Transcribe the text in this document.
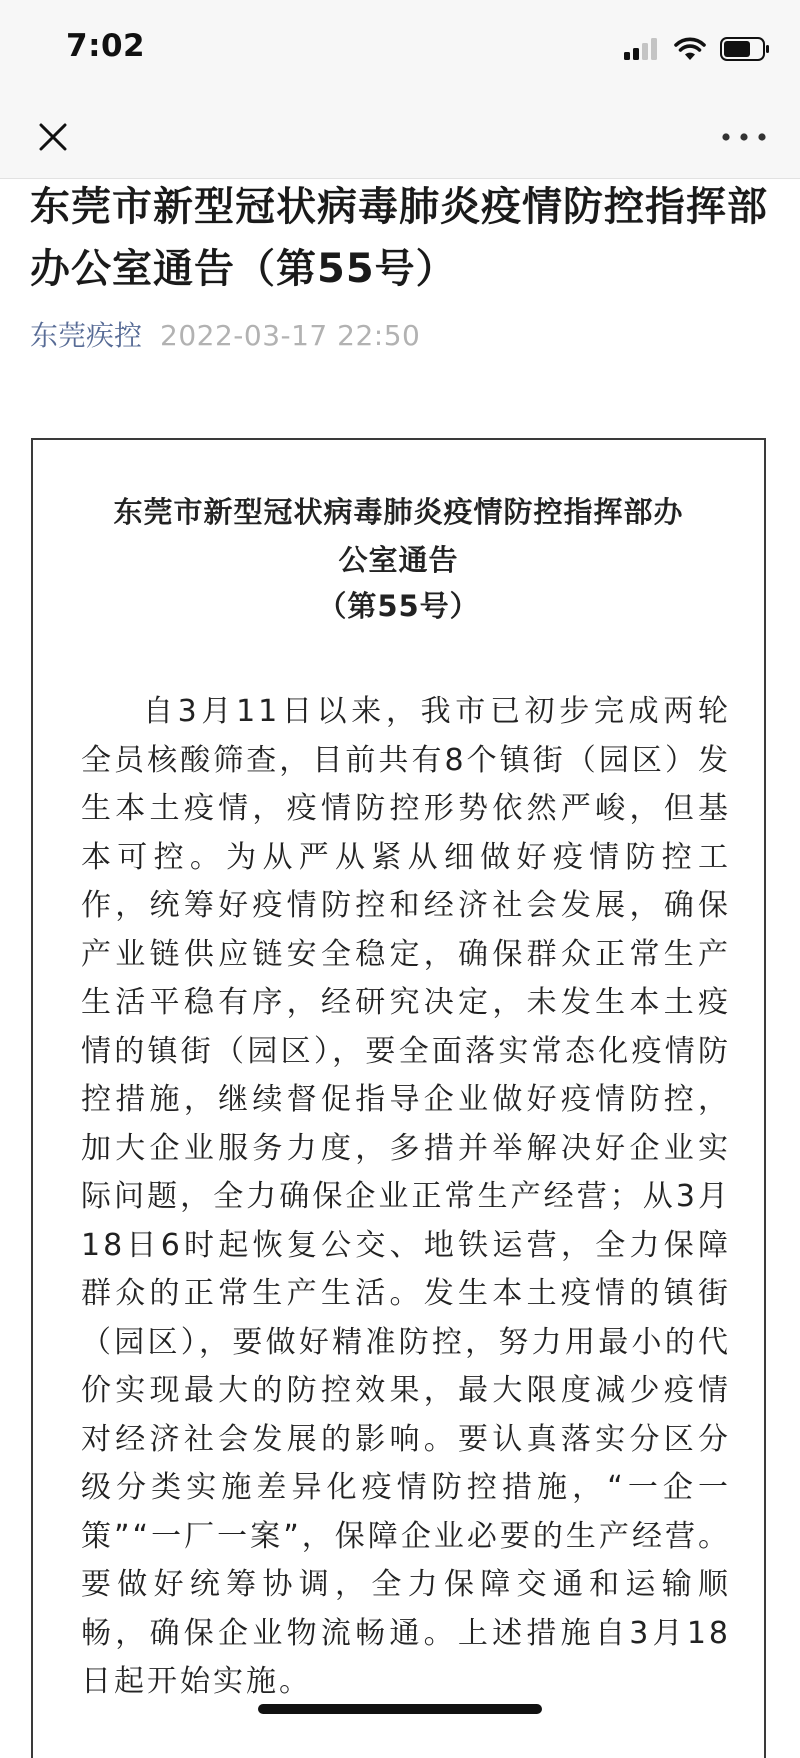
7:02
东莞市新型冠状病毒肺炎疫情防控指挥部办公室通告（第55号）
东莞疾控 2022-03-17 22:50
东莞市新型冠状病毒肺炎疫情防控指挥部办
公室通告
（第55号）

自3月11日以来，我市已初步完成两轮全员核酸筛查，目前共有8个镇街（园区）发生本土疫情，疫情防控形势依然严峻，但基本可控。为从严从紧从细做好疫情防控工作，统筹好疫情防控和经济社会发展，确保产业链供应链安全稳定，确保群众正常生产生活平稳有序，经研究决定，未发生本土疫情的镇街（园区），要全面落实常态化疫情防控措施，继续督促指导企业做好疫情防控，加大企业服务力度，多措并举解决好企业实际问题，全力确保企业正常生产经营；从3月18日6时起恢复公交、地铁运营，全力保障群众的正常生产生活。发生本土疫情的镇街（园区），要做好精准防控，努力用最小的代价实现最大的防控效果，最大限度减少疫情对经济社会发展的影响。要认真落实分区分级分类实施差异化疫情防控措施，“一企一策”“一厂一案”，保障企业必要的生产经营。要做好统筹协调，全力保障交通和运输顺畅，确保企业物流畅通。上述措施自3月18日起开始实施。
